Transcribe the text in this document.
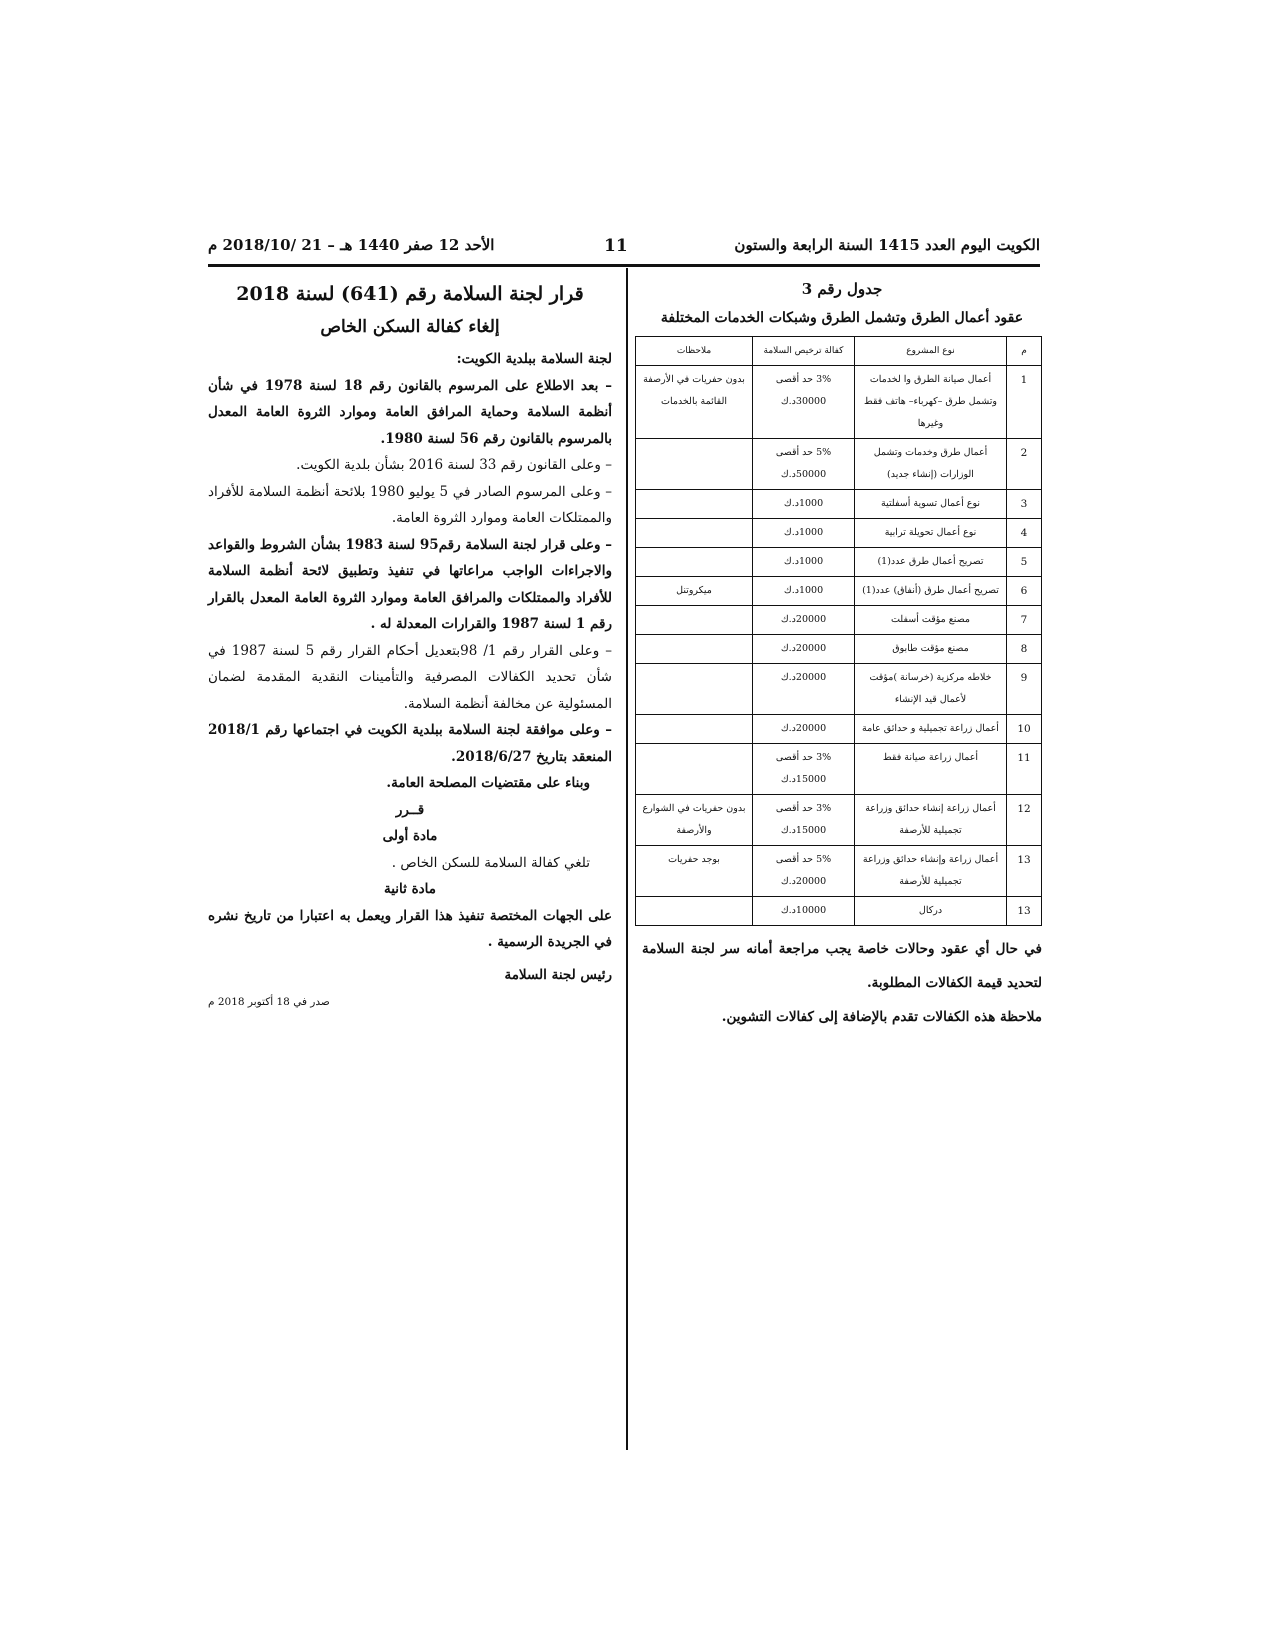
الكويت اليوم العدد 1415 السنة الرابعة والستون
11
الأحد 12 صفر 1440 هـ – 21 /2018/10 م
جدول رقم 3
عقود أعمال الطرق وتشمل الطرق وشبكات الخدمات المختلفة
م	نوع المشروع	كفالة ترخيص السلامة	ملاحظات
1	أعمال صيانة الطرق وا لخدمات وتشمل طرق –كهرباء– هاتف فقط وغيرها	3% حد أقصى 30000د.ك	بدون حفريات في الأرصفة القائمة بالخدمات
2	أعمال طرق وخدمات وتشمل الوزارات (إنشاء جديد)	5% حد أقصى 50000د.ك	
3	نوع أعمال تسوية أسفلتية	1000د.ك	
4	نوع أعمال تحويلة ترابية	1000د.ك	
5	تصريح أعمال طرق عدد(1)	1000د.ك	
6	تصريح أعمال طرق (أنفاق) عدد(1)	1000د.ك	ميكروتنل
7	مصنع مؤقت أسفلت	20000د.ك	
8	مصنع مؤقت طابوق	20000د.ك	
9	خلاطه مركزية (خرسانة )مؤقت لأعمال قيد الإنشاء	20000د.ك	
10	أعمال زراعة تجميلية و حدائق عامة	20000د.ك	
11	أعمال زراعة صيانة فقط	3% حد أقصى 15000د.ك	
12	أعمال زراعة إنشاء حدائق وزراعة تجميلية للأرصفة	3% حد أقصى 15000د.ك	بدون حفريات في الشوارع والأرصفة
13	أعمال زراعة وإنشاء حدائق وزراعة تجميلية للأرصفة	5% حد أقصى 20000د.ك	بوجد حفريات
13	دركال	10000د.ك	

في حال أي عقود وحالات خاصة يجب مراجعة أمانه سر لجنة السلامة لتحديد قيمة الكفالات المطلوبة.

ملاحظة هذه الكفالات تقدم بالإضافة إلى كفالات التشوين.

قرار لجنة السلامة رقم (641) لسنة 2018
إلغاء كفالة السكن الخاص

لجنة السلامة ببلدية الكويت:

– بعد الاطلاع على المرسوم بالقانون رقم 18 لسنة 1978 في شأن أنظمة السلامة وحماية المرافق العامة وموارد الثروة العامة المعدل بالمرسوم بالقانون رقم 56 لسنة 1980.

– وعلى القانون رقم 33 لسنة 2016 بشأن بلدية الكويت.

– وعلى المرسوم الصادر في 5 يوليو 1980 بلائحة أنظمة السلامة للأفراد والممتلكات العامة وموارد الثروة العامة.

– وعلى قرار لجنة السلامة رقم95 لسنة 1983 بشأن الشروط والقواعد والاجراءات الواجب مراعاتها في تنفيذ وتطبيق لائحة أنظمة السلامة للأفراد والممتلكات والمرافق العامة وموارد الثروة العامة المعدل بالقرار رقم 1 لسنة 1987 والقرارات المعدلة له .

– وعلى القرار رقم 1/ 98بتعديل أحكام القرار رقم 5 لسنة 1987 في شأن تحديد الكفالات المصرفية والتأمينات النقدية المقدمة لضمان المسئولية عن مخالفة أنظمة السلامة.

– وعلى موافقة لجنة السلامة ببلدية الكويت في اجتماعها رقم 2018/1 المنعقد بتاريخ 2018/6/27.

وبناء على مقتضيات المصلحة العامة.

قــرر
مادة أولى

تلغي كفالة السلامة للسكن الخاص .

مادة ثانية

على الجهات المختصة تنفيذ هذا القرار ويعمل به اعتبارا من تاريخ نشره في الجريدة الرسمية .

رئيس لجنة السلامة

صدر في 18 أكتوبر 2018 م
